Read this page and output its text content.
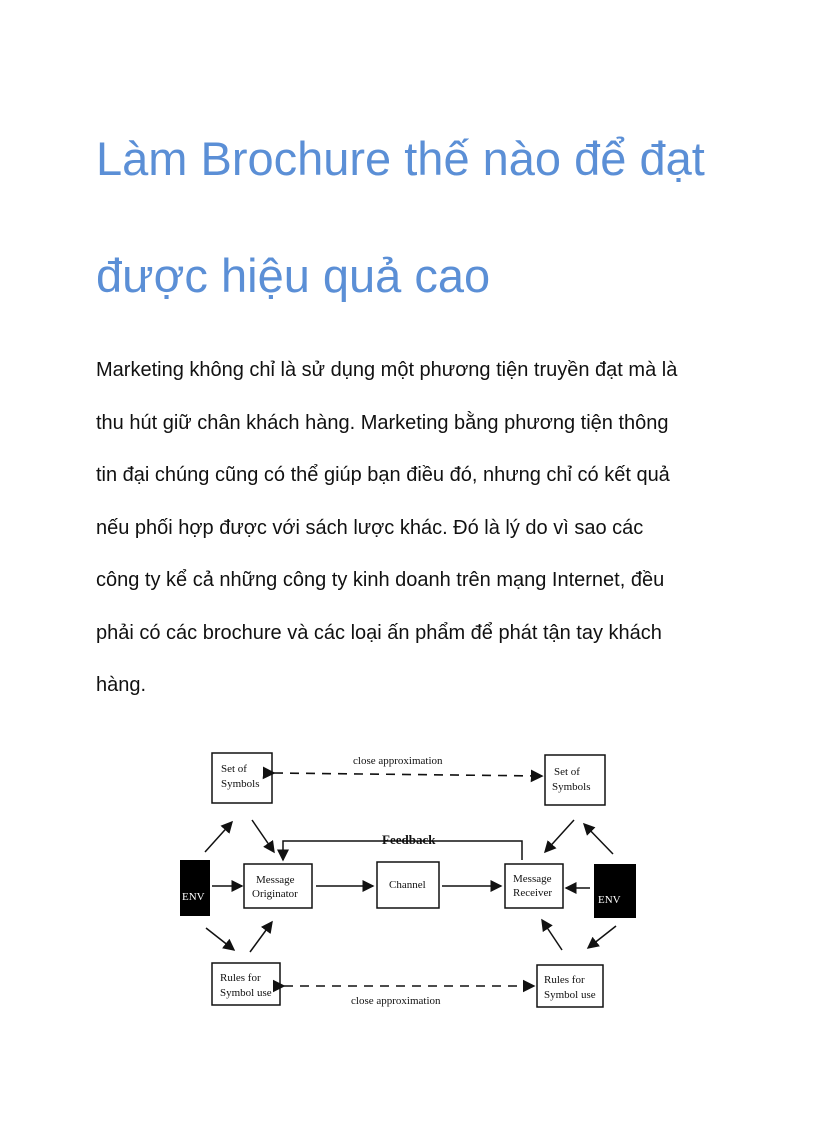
Làm Brochure thế nào để đạt
được hiệu quả cao
Marketing không chỉ là sử dụng một phương tiện truyền đạt mà là
thu hút giữ chân khách hàng. Marketing bằng phương tiện thông
tin đại chúng cũng có thể giúp bạn điều đó, nhưng chỉ có kết quả
nếu phối hợp được với sách lược khác. Đó là lý do vì sao các
công ty kể cả những công ty kinh doanh trên mạng Internet, đều
phải có các brochure và các loại ấn phẩm để phát tận tay khách
hàng.
Set of
Symbols
Set of
Symbols
close approximation
Feedback
ENV
Message
Originator
Channel	Message
Receiver
ENV
Rules for
Symbol use
Rules for
Symbol use
close approximation
